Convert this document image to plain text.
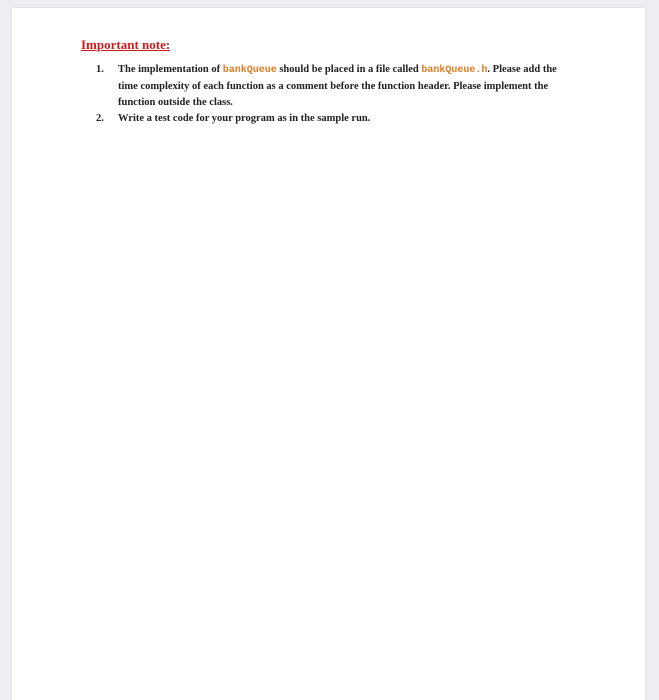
Important note:
1. The implementation of bankQueue should be placed in a file called bankQueue.h. Please add the time complexity of each function as a comment before the function header. Please implement the function outside the class.
2. Write a test code for your program as in the sample run.
